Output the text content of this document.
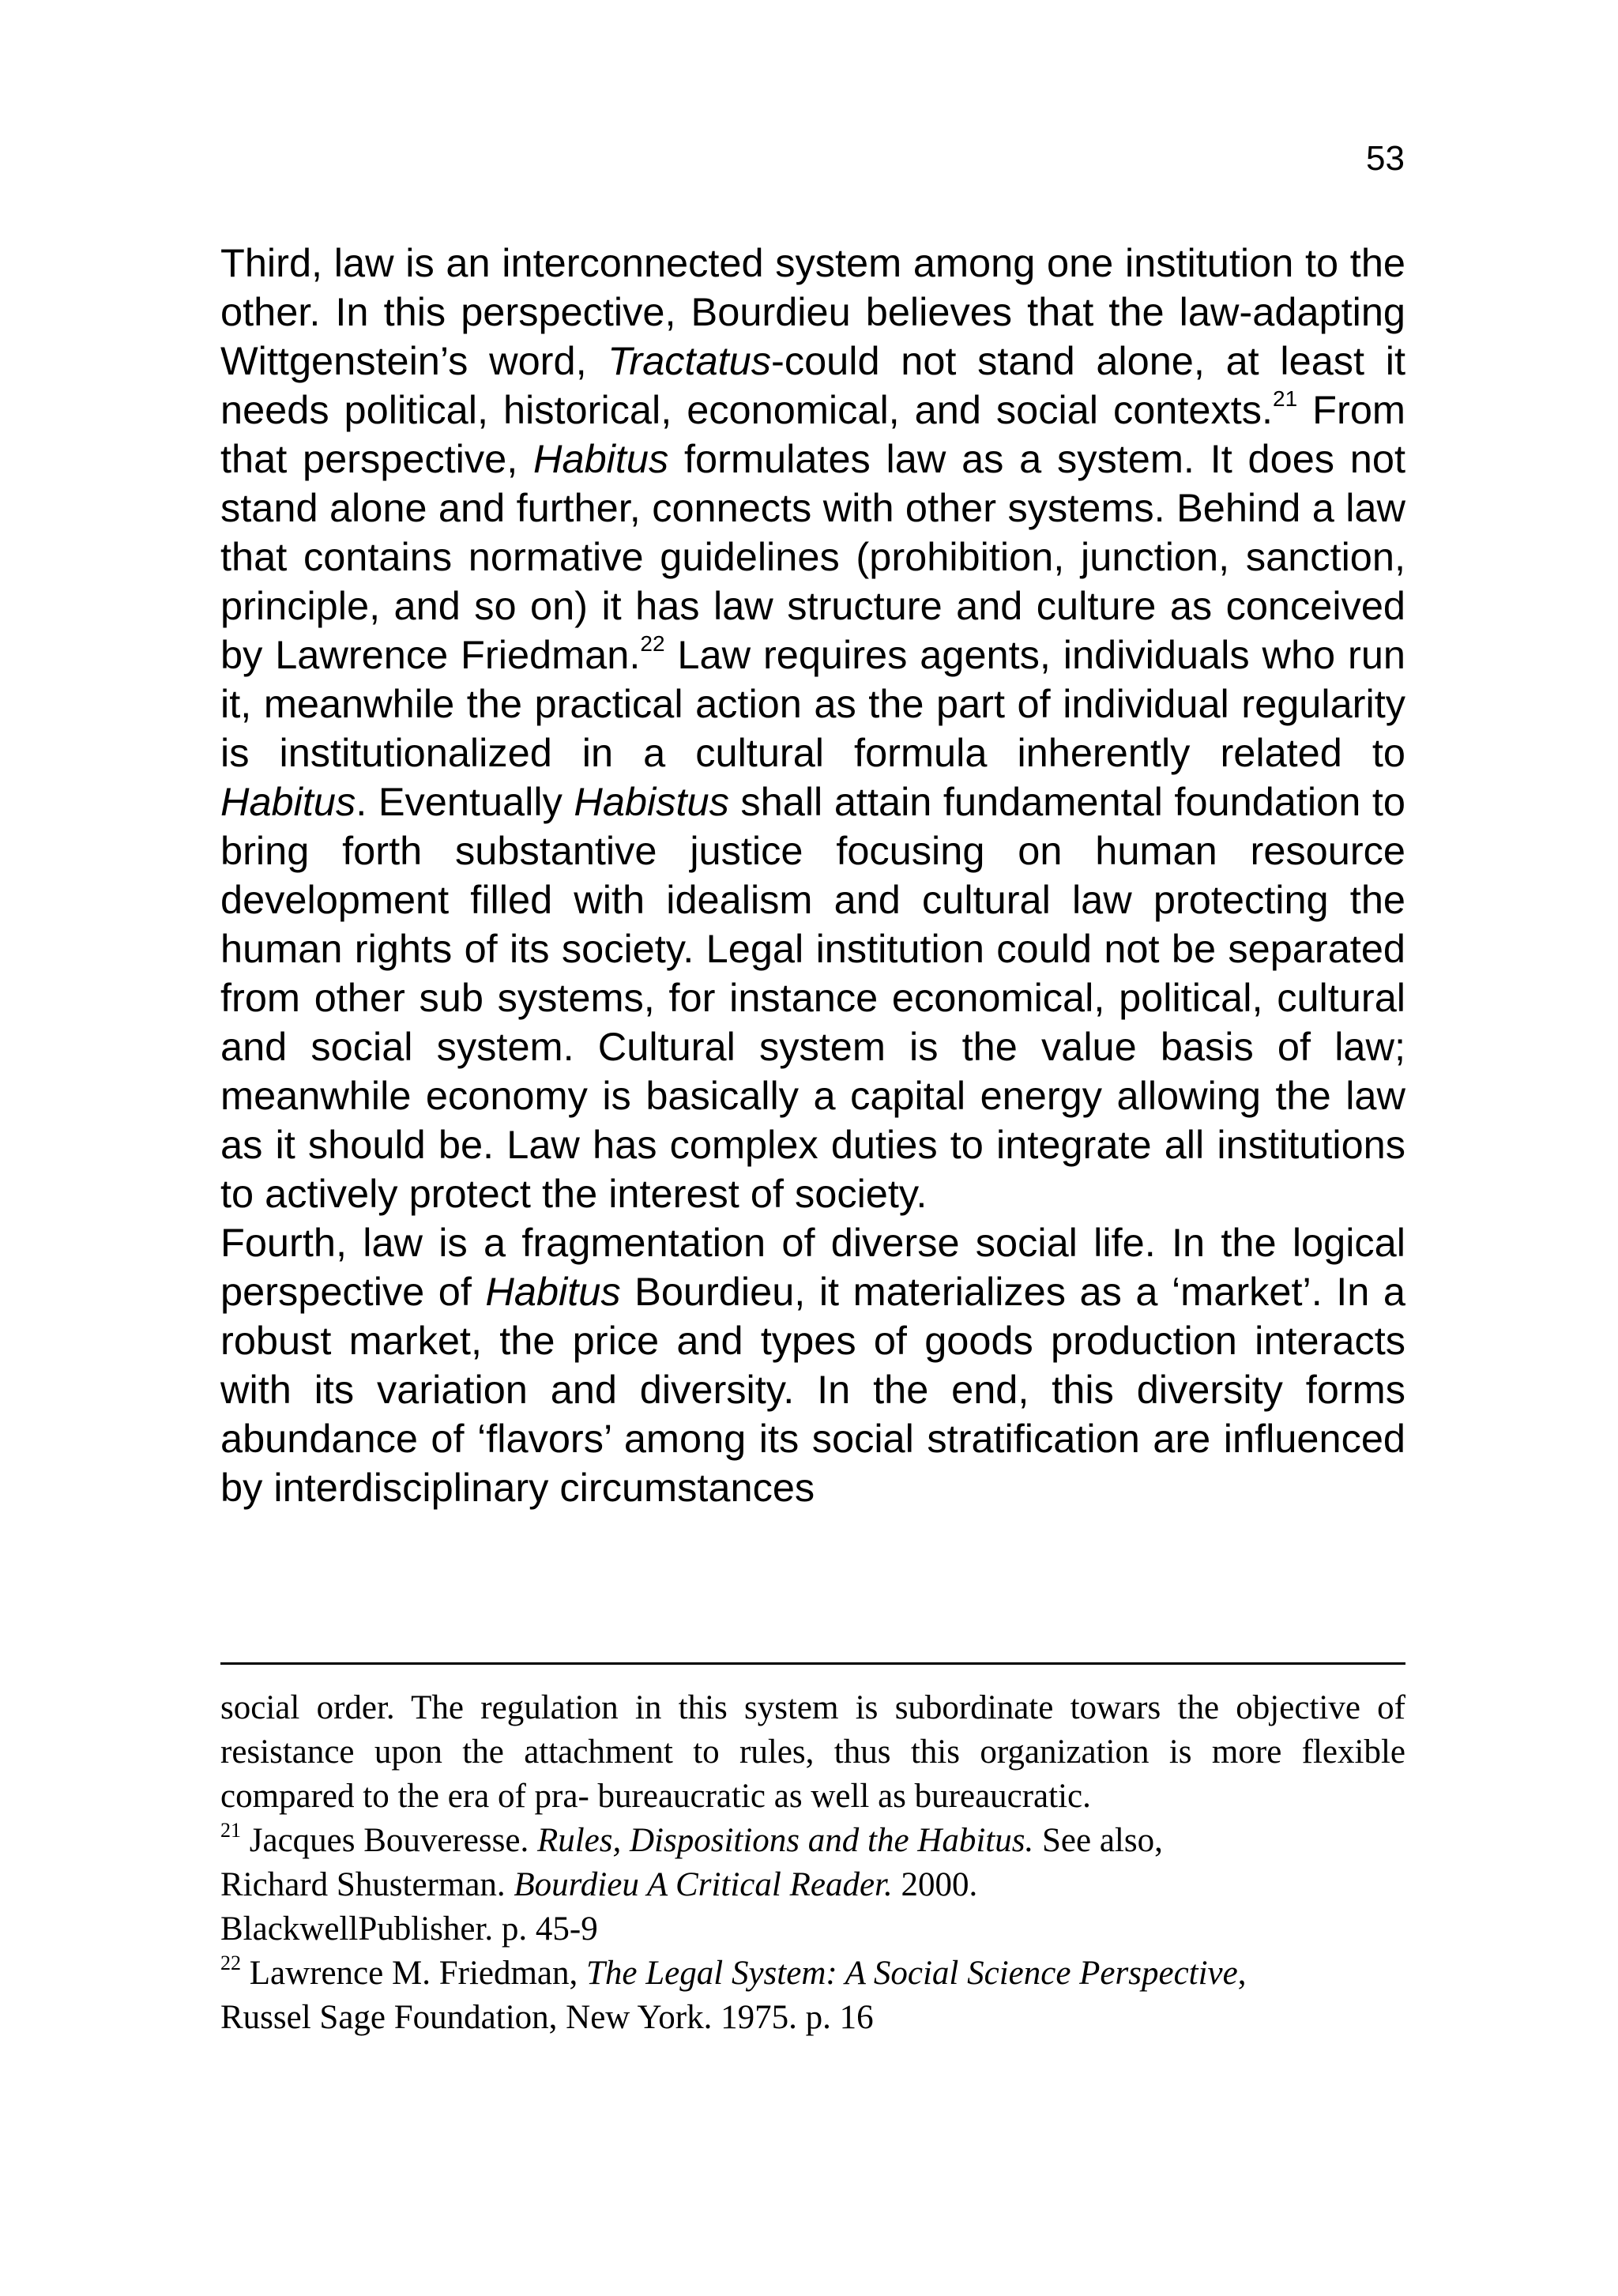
53

Third, law is an interconnected system among one institution to the other. In this perspective, Bourdieu believes that the law-adapting Wittgenstein’s word, Tractatus-could not stand alone, at least it needs political, historical, economical, and social contexts.$^{21}$ From that perspective, Habitus formulates law as a system. It does not stand alone and further, connects with other systems. Behind a law that contains normative guidelines (prohibition, junction, sanction, principle, and so on) it has law structure and culture as conceived by Lawrence Friedman.$^{22}$ Law requires agents, individuals who run it, meanwhile the practical action as the part of individual regularity is institutionalized in a cultural formula inherently related to Habitus. Eventually Habistus shall attain fundamental foundation to bring forth substantive justice focusing on human resource development filled with idealism and cultural law protecting the human rights of its society. Legal institution could not be separated from other sub systems, for instance economical, political, cultural and social system. Cultural system is the value basis of law; meanwhile economy is basically a capital energy allowing the law as it should be. Law has complex duties to integrate all institutions to actively protect the interest of society.

Fourth, law is a fragmentation of diverse social life. In the logical perspective of Habitus Bourdieu, it materializes as a ‘market’. In a robust market, the price and types of goods production interacts with its variation and diversity. In the end, this diversity forms abundance of ‘flavors’ among its social stratification are influenced by interdisciplinary circumstances

social order. The regulation in this system is subordinate towars the objective of resistance upon the attachment to rules, thus this organization is more flexible compared to the era of pra- bureaucratic as well as bureaucratic.

$^{21}$ Jacques Bouveresse. Rules, Dispositions and the Habitus. See also,
Richard Shusterman. Bourdieu A Critical Reader. 2000.
BlackwellPublisher. p. 45-9

$^{22}$ Lawrence M. Friedman, The Legal System: A Social Science Perspective,
Russel Sage Foundation, New York. 1975. p. 16
